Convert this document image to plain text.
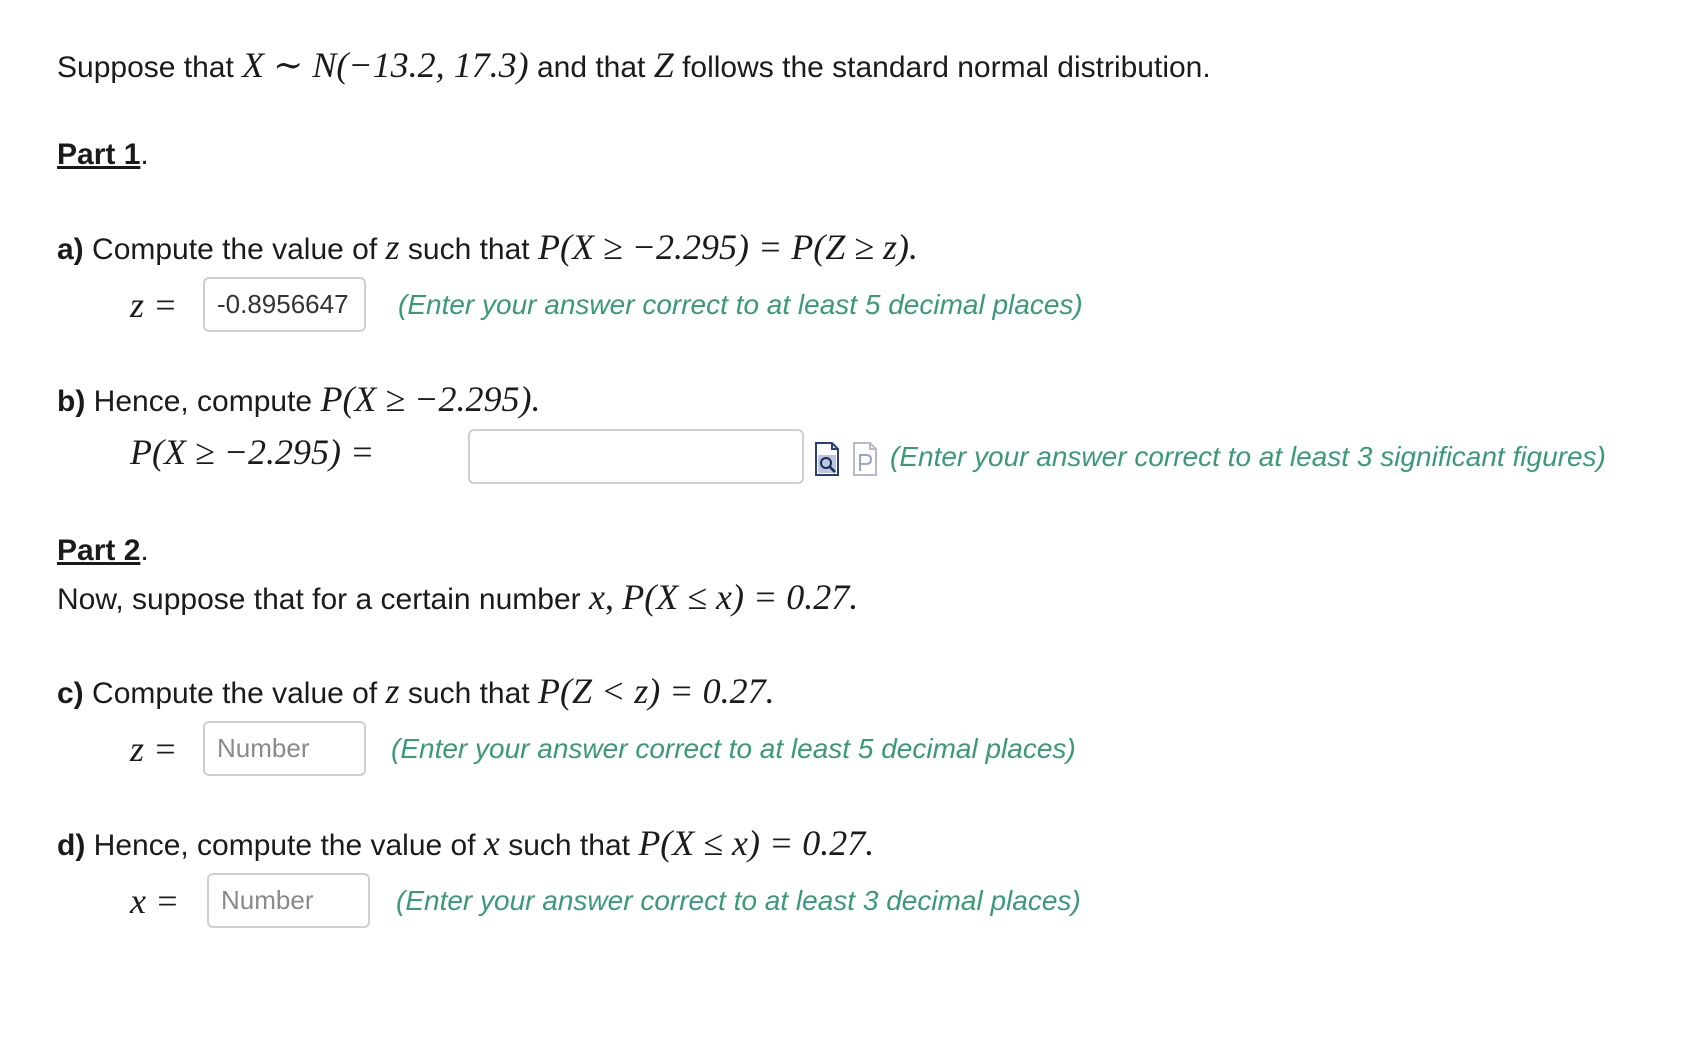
Suppose that X ∼ N(−13.2, 17.3) and that Z follows the standard normal distribution.
Part 1.
a) Compute the value of z such that P(X ≥ −2.295) = P(Z ≥ z).
z =
-0.8956647	(Enter your answer correct to at least 5 decimal places)
b) Hence, compute P(X ≥ −2.295).
P(X ≥ −2.295) =	(Enter your answer correct to at least 3 significant figures)
Part 2.
Now, suppose that for a certain number x, P(X ≤ x) = 0.27.
c) Compute the value of z such that P(Z < z) = 0.27.
z =
Number	(Enter your answer correct to at least 5 decimal places)
d) Hence, compute the value of x such that P(X ≤ x) = 0.27.
x =
Number	(Enter your answer correct to at least 3 decimal places)
